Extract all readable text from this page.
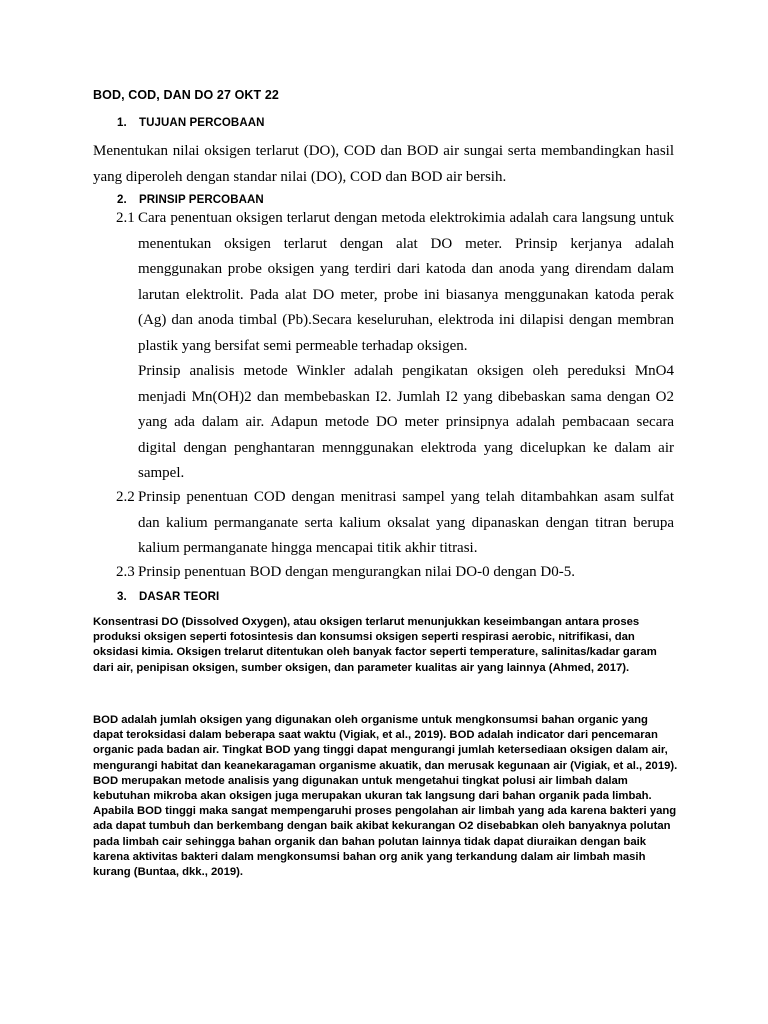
BOD, COD, DAN DO 27 OKT 22
1. TUJUAN PERCOBAAN
Menentukan nilai oksigen terlarut (DO), COD dan BOD air sungai serta membandingkan hasil yang diperoleh dengan standar nilai (DO), COD dan BOD air bersih.
2. PRINSIP PERCOBAAN
2.1 Cara penentuan oksigen terlarut dengan metoda elektrokimia adalah cara langsung untuk menentukan oksigen terlarut dengan alat DO meter. Prinsip kerjanya adalah menggunakan probe oksigen yang terdiri dari katoda dan anoda yang direndam dalam larutan elektrolit. Pada alat DO meter, probe ini biasanya menggunakan katoda perak (Ag) dan anoda timbal (Pb).Secara keseluruhan, elektroda ini dilapisi dengan membran plastik yang bersifat semi permeable terhadap oksigen.
Prinsip analisis metode Winkler adalah pengikatan oksigen oleh pereduksi MnO4 menjadi Mn(OH)2 dan membebaskan I2. Jumlah I2 yang dibebaskan sama dengan O2 yang ada dalam air. Adapun metode DO meter prinsipnya adalah pembacaan secara digital dengan penghantaran mennggunakan elektroda yang dicelupkan ke dalam air sampel.
2.2 Prinsip penentuan COD dengan menitrasi sampel yang telah ditambahkan asam sulfat dan kalium permanganate serta kalium oksalat yang dipanaskan dengan titran berupa kalium permanganate hingga mencapai titik akhir titrasi.
2.3 Prinsip penentuan BOD dengan mengurangkan nilai DO-0 dengan D0-5.
3. DASAR TEORI
Konsentrasi DO (Dissolved Oxygen), atau oksigen terlarut menunjukkan keseimbangan antara proses produksi oksigen seperti fotosintesis dan konsumsi oksigen seperti respirasi aerobic, nitrifikasi, dan oksidasi kimia. Oksigen trelarut ditentukan oleh banyak factor seperti temperature, salinitas/kadar garam dari air, penipisan oksigen, sumber oksigen, dan parameter kualitas air yang lainnya (Ahmed, 2017).
BOD adalah jumlah oksigen yang digunakan oleh organisme untuk mengkonsumsi bahan organic yang dapat teroksidasi dalam beberapa saat waktu (Vigiak, et al., 2019). BOD adalah indicator dari pencemaran organic pada badan air. Tingkat BOD yang tinggi dapat mengurangi jumlah ketersediaan oksigen dalam air, mengurangi habitat dan keanekaragaman organisme akuatik, dan merusak kegunaan air (Vigiak, et al., 2019). BOD merupakan metode analisis yang digunakan untuk mengetahui tingkat polusi air limbah dalam kebutuhan mikroba akan oksigen juga merupakan ukuran tak langsung dari bahan organik pada limbah. Apabila BOD tinggi maka sangat mempengaruhi proses pengolahan air limbah yang ada karena bakteri yang ada dapat tumbuh dan berkembang dengan baik akibat kekurangan O2 disebabkan oleh banyaknya polutan pada limbah cair sehingga bahan organik dan bahan polutan lainnya tidak dapat diuraikan dengan baik karena aktivitas bakteri dalam mengkonsumsi bahan org anik yang terkandung dalam air limbah masih kurang (Buntaa, dkk., 2019).
